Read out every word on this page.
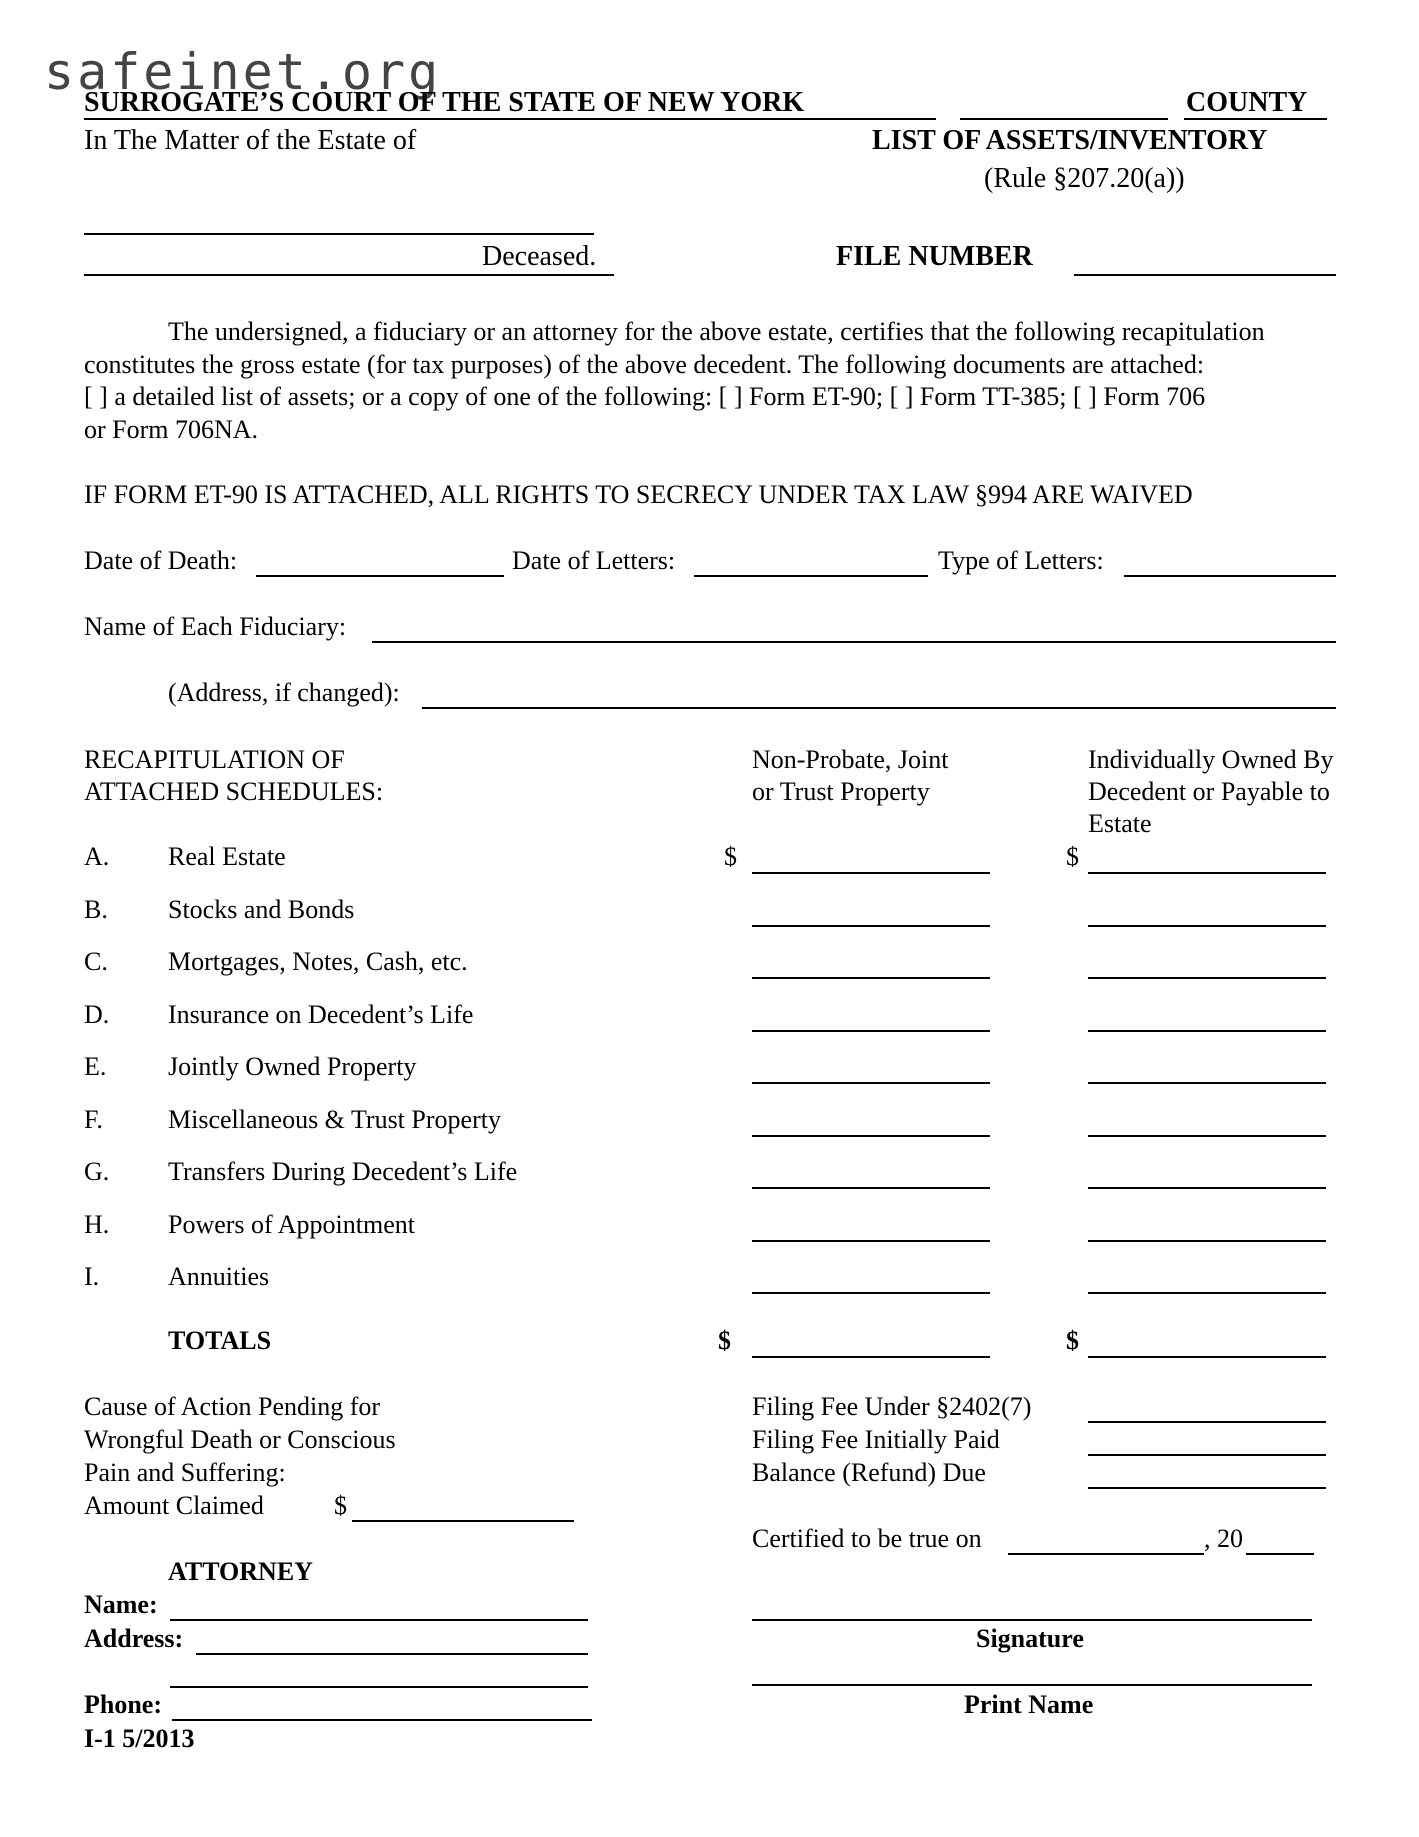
safeinet.org
SURROGATE’S COURT OF THE STATE OF NEW YORK	COUNTY
In The Matter of the Estate of	LIST OF ASSETS/INVENTORY
(Rule §207.20(a))
Deceased.	FILE NUMBER
The undersigned, a fiduciary or an attorney for the above estate, certifies that the following recapitulation
constitutes the gross estate (for tax purposes) of the above decedent. The following documents are attached:
[ ] a detailed list of assets; or a copy of one of the following: [ ] Form ET-90; [ ] Form TT-385; [ ] Form 706
or Form 706NA.
IF FORM ET-90 IS ATTACHED, ALL RIGHTS TO SECRECY UNDER TAX LAW §994 ARE WAIVED
Date of Death:	Date of Letters:	Type of Letters:
Name of Each Fiduciary:
(Address, if changed):
RECAPITULATION OF
ATTACHED SCHEDULES:
Non-Probate, Joint
or Trust Property
Individually Owned By
Decedent or Payable to
Estate
A. Real Estate	$	$
B. Stocks and Bonds
C. Mortgages, Notes, Cash, etc.
D. Insurance on Decedent’s Life
E. Jointly Owned Property
F.	Miscellaneous & Trust Property
G. Transfers During Decedent’s Life
H. Powers of Appointment
I.	Annuities
TOTALS	$	$
Cause of Action Pending for
Wrongful Death or Conscious
Pain and Suffering:
Amount Claimed	$
Filing Fee Under §2402(7)
Filing Fee Initially Paid
Balance (Refund) Due
Certified to be true on	, 20
ATTORNEY
Name:
Address:
Phone:
Signature
Print Name
I-1 5/2013
